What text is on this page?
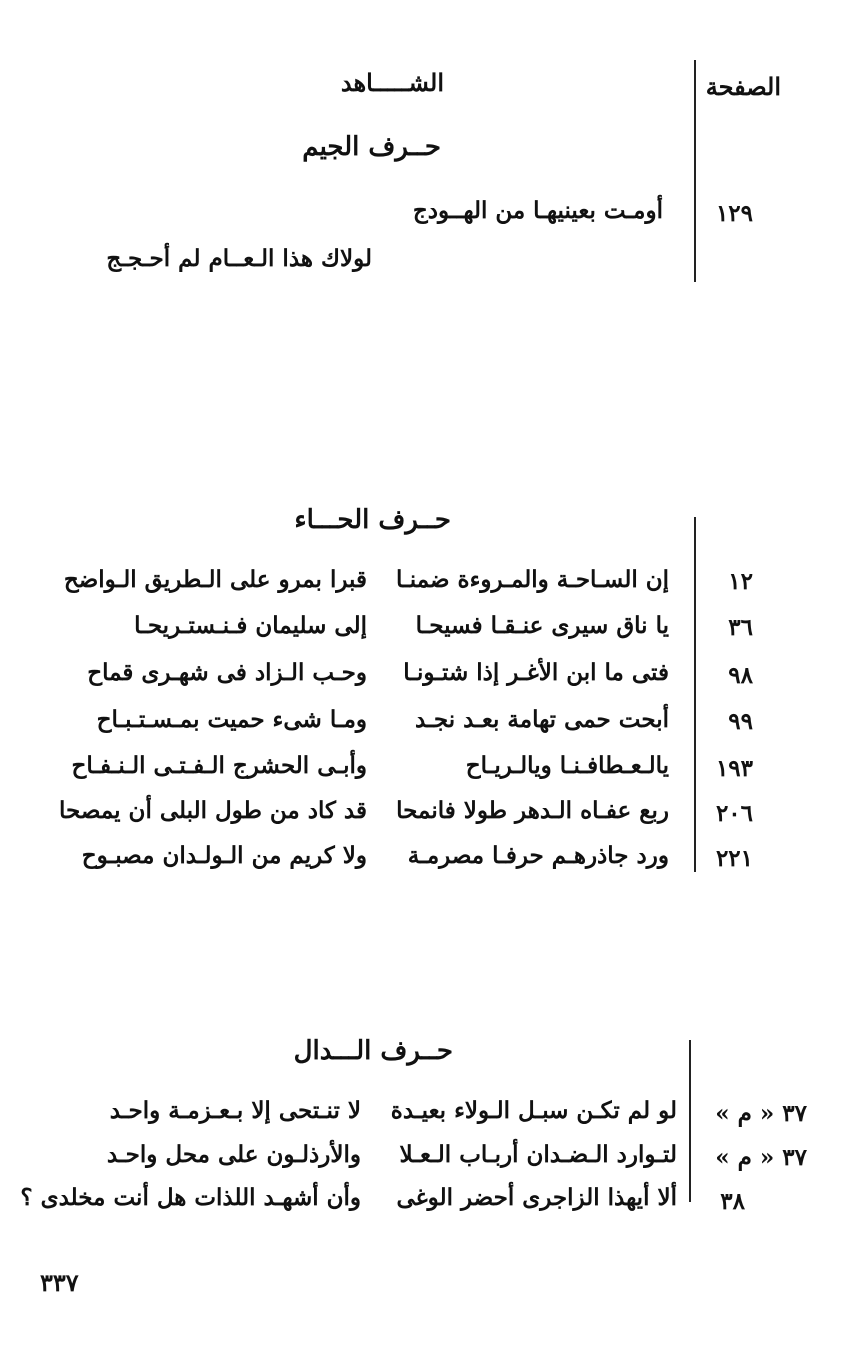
الصفحة
الشـــــاهد
حــرف الجيم
١٢٩
أومـت بعينيهـا من الهــودج
لولاك هذا الـعــام لم أحـجـج
حــرف الحـــاء
١٢
إن السـاحـة والمـروءة ضمنـا
قبرا بمرو على الـطريق الـواضح
٣٦
يا ناق سيرى عنـقـا فسيحـا
إلى سليمان فـنـستـريحـا
٩٨
فتى ما ابن الأغـر إذا شتـونـا
وحـب الـزاد فى شهـرى قماح
٩٩
أبحت حمى تهامة بعـد نجـد
ومـا شىء حميت بمـسـتـبـاح
١٩٣
يالـعـطافـنـا ويالـريـاح
وأبـى الحشرج الـفـتـى الـنـفـاح
٢٠٦
ربع عفـاه الـدهر طولا فانمحا
قد كاد من طول البلى أن يمصحا
٢٢١
ورد جاذرهـم حرفـا مصرمـة
ولا كريم من الـولـدان مصبـوح
حــرف الـــدال
٣٧ « م »
لو لم تكـن سبـل الـولاء بعيـدة
لا تنـتحى إلا بـعـزمـة واحـد
٣٧ « م »
لتـوارد الـضـدان أربـاب الـعـلا
والأرذلـون على محل واحـد
٣٨
ألا أيهذا الزاجرى أحضر الوغى
وأن أشهـد اللذات هل أنت مخلدى ؟
٣٣٧
